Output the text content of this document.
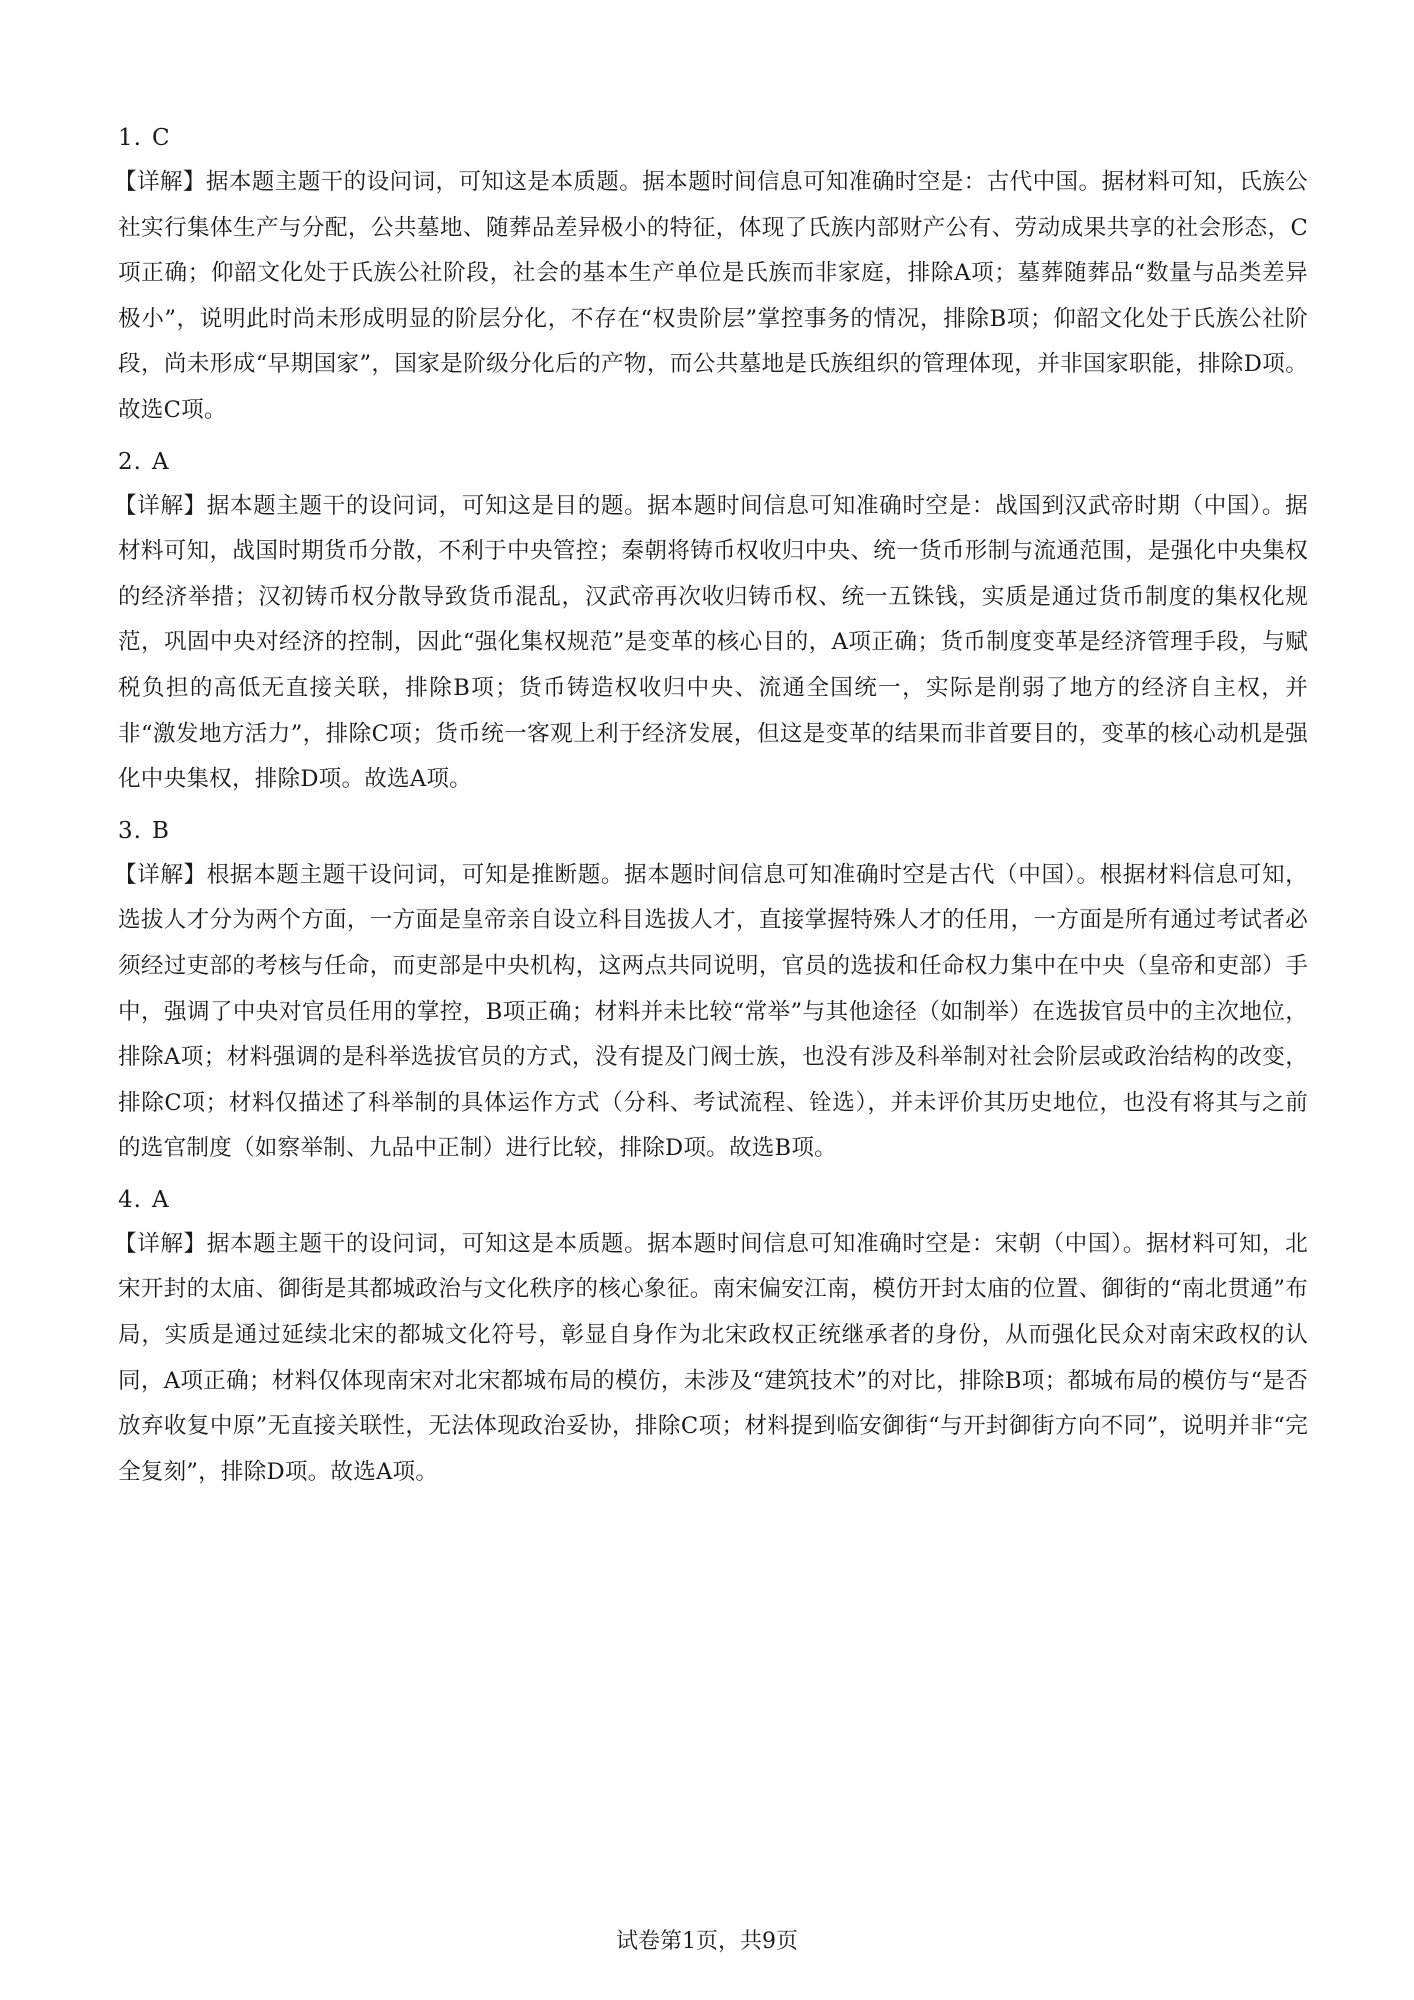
1. C

【详解】据本题主题干的设问词，可知这是本质题。据本题时间信息可知准确时空是：古代中国。据材料可知，氏族公社实行集体生产与分配，公共墓地、随葬品差异极小的特征，体现了氏族内部财产公有、劳动成果共享的社会形态，C项正确；仰韶文化处于氏族公社阶段，社会的基本生产单位是氏族而非家庭，排除A项；墓葬随葬品“数量与品类差异极小”，说明此时尚未形成明显的阶层分化，不存在“权贵阶层”掌控事务的情况，排除B项；仰韶文化处于氏族公社阶段，尚未形成“早期国家”，国家是阶级分化后的产物，而公共墓地是氏族组织的管理体现，并非国家职能，排除D项。故选C项。

2. A

【详解】据本题主题干的设问词，可知这是目的题。据本题时间信息可知准确时空是：战国到汉武帝时期（中国）。据材料可知，战国时期货币分散，不利于中央管控；秦朝将铸币权收归中央、统一货币形制与流通范围，是强化中央集权的经济举措；汉初铸币权分散导致货币混乱，汉武帝再次收归铸币权、统一五铢钱，实质是通过货币制度的集权化规范，巩固中央对经济的控制，因此“强化集权规范”是变革的核心目的，A项正确；货币制度变革是经济管理手段，与赋税负担的高低无直接关联，排除B项；货币铸造权收归中央、流通全国统一，实际是削弱了地方的经济自主权，并非“激发地方活力”，排除C项；货币统一客观上利于经济发展，但这是变革的结果而非首要目的，变革的核心动机是强化中央集权，排除D项。故选A项。

3. B

【详解】根据本题主题干设问词，可知是推断题。据本题时间信息可知准确时空是古代（中国）。根据材料信息可知，选拔人才分为两个方面，一方面是皇帝亲自设立科目选拔人才，直接掌握特殊人才的任用，一方面是所有通过考试者必须经过吏部的考核与任命，而吏部是中央机构，这两点共同说明，官员的选拔和任命权力集中在中央（皇帝和吏部）手中，强调了中央对官员任用的掌控，B项正确；材料并未比较“常举”与其他途径（如制举）在选拔官员中的主次地位，排除A项；材料强调的是科举选拔官员的方式，没有提及门阀士族，也没有涉及科举制对社会阶层或政治结构的改变，排除C项；材料仅描述了科举制的具体运作方式（分科、考试流程、铨选），并未评价其历史地位，也没有将其与之前的选官制度（如察举制、九品中正制）进行比较，排除D项。故选B项。

4. A

【详解】据本题主题干的设问词，可知这是本质题。据本题时间信息可知准确时空是：宋朝（中国）。据材料可知，北宋开封的太庙、御街是其都城政治与文化秩序的核心象征。南宋偏安江南，模仿开封太庙的位置、御街的“南北贯通”布局，实质是通过延续北宋的都城文化符号，彰显自身作为北宋政权正统继承者的身份，从而强化民众对南宋政权的认同，A项正确；材料仅体现南宋对北宋都城布局的模仿，未涉及“建筑技术”的对比，排除B项；都城布局的模仿与“是否放弃收复中原”无直接关联性，无法体现政治妥协，排除C项；材料提到临安御街“与开封御街方向不同”，说明并非“完全复刻”，排除D项。故选A项。

试卷第1页，共9页
